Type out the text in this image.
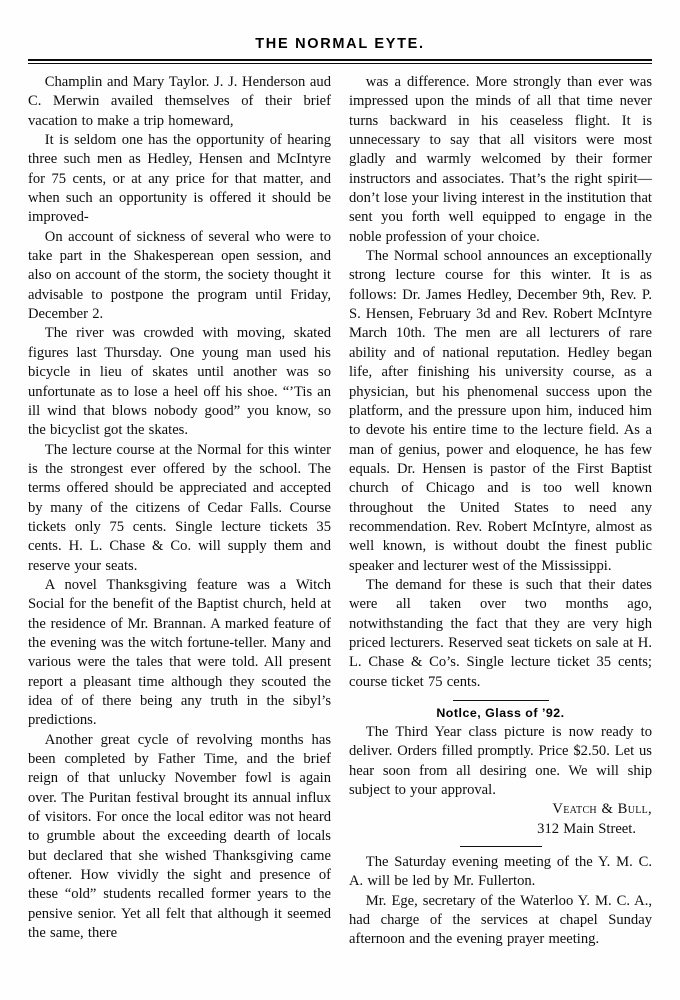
THE NORMAL EYTE.

Champlin and Mary Taylor. J. J. Henderson aud C. Merwin availed themselves of their brief vacation to make a trip homeward,

It is seldom one has the opportunity of hearing three such men as Hedley, Hensen and McIntyre for 75 cents, or at any price for that matter, and when such an opportunity is offered it should be improved-

On account of sickness of several who were to take part in the Shakesperean open session, and also on account of the storm, the society thought it advisable to postpone the program until Friday, December 2.

The river was crowded with moving, skated figures last Thursday. One young man used his bicycle in lieu of skates until another was so unfortunate as to lose a heel off his shoe. “’Tis an ill wind that blows nobody good” you know, so the bicyclist got the skates.

The lecture course at the Normal for this winter is the strongest ever offered by the school. The terms offered should be appreciated and accepted by many of the citizens of Cedar Falls. Course tickets only 75 cents. Single lecture tickets 35 cents. H. L. Chase & Co. will supply them and reserve your seats.

A novel Thanksgiving feature was a Witch Social for the benefit of the Baptist church, held at the residence of Mr. Brannan. A marked feature of the evening was the witch fortune-teller. Many and various were the tales that were told. All present report a pleasant time although they scouted the idea of of there being any truth in the sibyl’s predictions.

Another great cycle of revolving months has been completed by Father Time, and the brief reign of that unlucky November fowl is again over. The Puritan festival brought its annual influx of visitors. For once the local editor was not heard to grumble about the exceeding dearth of locals but declared that she wished Thanksgiving came oftener. How vividly the sight and presence of these “old” students recalled former years to the pensive senior. Yet all felt that although it seemed the same, there

was a difference. More strongly than ever was impressed upon the minds of all that time never turns backward in his ceaseless flight. It is unnecessary to say that all visitors were most gladly and warmly welcomed by their former instructors and associates. That’s the right spirit—don’t lose your living interest in the institution that sent you forth well equipped to engage in the noble profession of your choice.

The Normal school announces an exceptionally strong lecture course for this winter. It is as follows: Dr. James Hedley, December 9th, Rev. P. S. Hensen, February 3d and Rev. Robert McIntyre March 10th. The men are all lecturers of rare ability and of national reputation. Hedley began life, after finishing his university course, as a physician, but his phenomenal success upon the platform, and the pressure upon him, induced him to devote his entire time to the lecture field. As a man of genius, power and eloquence, he has few equals. Dr. Hensen is pastor of the First Baptist church of Chicago and is too well known throughout the United States to need any recommendation. Rev. Robert McIntyre, almost as well known, is without doubt the finest public speaker and lecturer west of the Mississippi.

The demand for these is such that their dates were all taken over two months ago, notwithstanding the fact that they are very high priced lecturers. Reserved seat tickets on sale at H. L. Chase & Co’s. Single lecture ticket 35 cents; course ticket 75 cents.

Notlce, Glass of ’92.

The Third Year class picture is now ready to deliver. Orders filled promptly. Price $2.50. Let us hear soon from all desiring one. We will ship subject to your approval.

Veatch & Bull,
312 Main Street.

The Saturday evening meeting of the Y. M. C. A. will be led by Mr. Fullerton.

Mr. Ege, secretary of the Waterloo Y. M. C. A., had charge of the services at chapel Sunday afternoon and the evening prayer meeting.
